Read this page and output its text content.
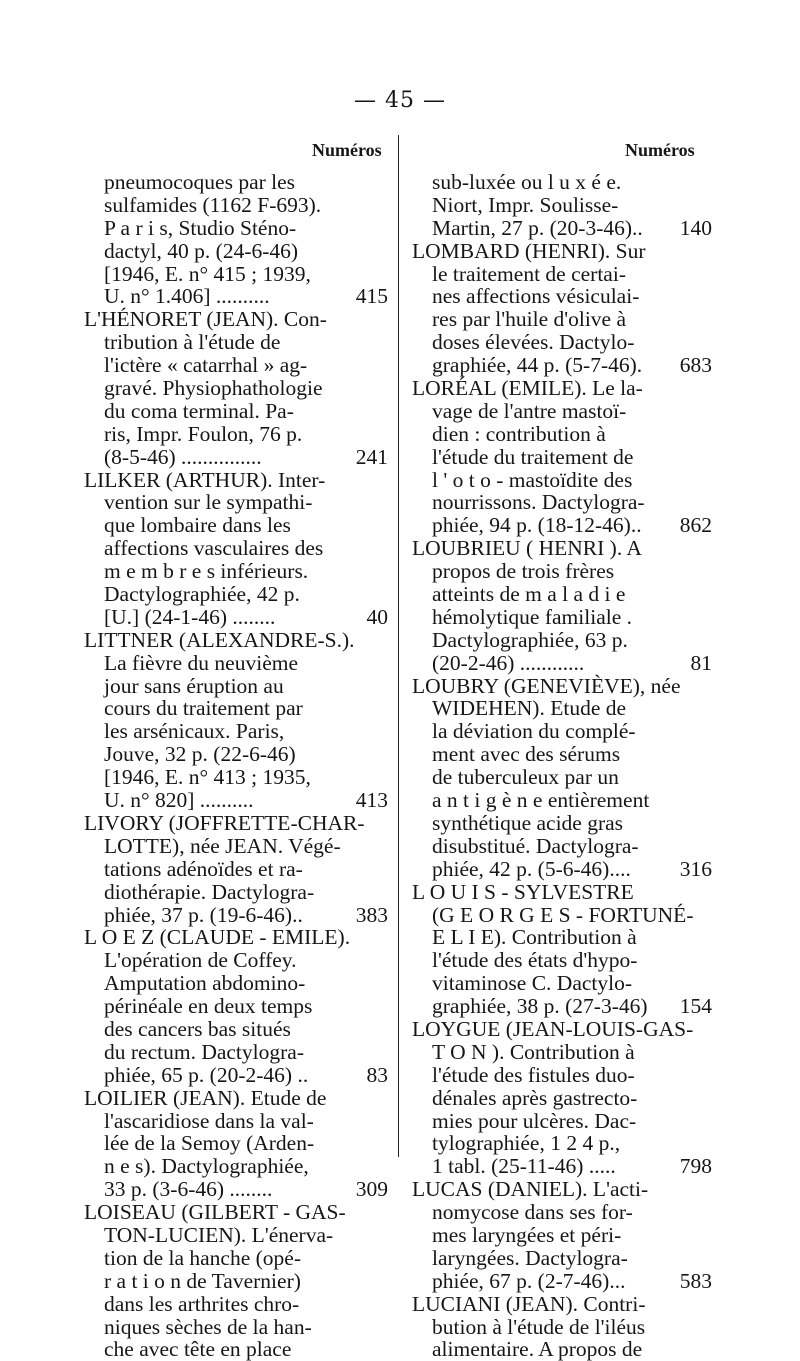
— 45 —
Numéros	Numéros
pneumocoques par les
sulfamides (1162 F-693).
P a r i s, Studio Sténo-
dactyl, 40 p. (24-6-46)
[1946, E. n° 415 ; 1939,
U. n° 1.406] ..........	415
L'HÉNORET (JEAN). Con-
tribution à l'étude de
l'ictère « catarrhal » ag-
gravé. Physiophathologie
du coma terminal. Pa-
ris, Impr. Foulon, 76 p.
(8-5-46) ...............	241
LILKER (ARTHUR). Inter-
vention sur le sympathi-
que lombaire dans les
affections vasculaires des
m e m b r e s inférieurs.
Dactylographiée, 42 p.
[U.] (24-1-46) ........	40
LITTNER (ALEXANDRE-S.).
La fièvre du neuvième
jour sans éruption au
cours du traitement par
les arsénicaux. Paris,
Jouve, 32 p. (22-6-46)
[1946, E. n° 413 ; 1935,
U. n° 820] ..........	413
LIVORY (JOFFRETTE-CHAR-
LOTTE), née JEAN. Végé-
tations adénoïdes et ra-
diothérapie. Dactylogra-
phiée, 37 p. (19-6-46).. 383
L O E Z (CLAUDE - EMILE).
L'opération de Coffey.
Amputation abdomino-
périnéale en deux temps
des cancers bas situés
du rectum. Dactylogra-
phiée, 65 p. (20-2-46) ..	83
LOILIER (JEAN). Etude de
l'ascaridiose dans la val-
lée de la Semoy (Arden-
n e s). Dactylographiée,
33 p. (3-6-46) ........	309
LOISEAU (GILBERT - GAS-
TON-LUCIEN). L'énerva-
tion de la hanche (opé-
r a t i o n de Tavernier)
dans les arthrites chro-
niques sèches de la han-
che avec tête en place
sub-luxée ou l u x é e.
Niort, Impr. Soulisse-
Martin, 27 p. (20-3-46).. 140
LOMBARD (HENRI). Sur
le traitement de certai-
nes affections vésiculai-
res par l'huile d'olive à
doses élevées. Dactylo-
graphiée, 44 p. (5-7-46). 683
LORÉAL (EMILE). Le la-
vage de l'antre mastoï-
dien : contribution à
l'étude du traitement de
l ' o t o - mastoïdite des
nourrissons. Dactylogra-
phiée, 94 p. (18-12-46).. 862
LOUBRIEU ( HENRI ). A
propos de trois frères
atteints de m a l a d i e
hémolytique familiale .
Dactylographiée, 63 p.
(20-2-46) ............	81
LOUBRY (GENEVIÈVE), née
WIDEHEN). Etude de
la déviation du complé-
ment avec des sérums
de tuberculeux par un
a n t i g è n e entièrement
synthétique acide gras
disubstitué. Dactylogra-
phiée, 42 p. (5-6-46).... 316
L O U I S - SYLVESTRE
(G E O R G E S - FORTUNÉ-
E L I E). Contribution à
l'étude des états d'hypo-
vitaminose C. Dactylo-
graphiée, 38 p. (27-3-46) 154
LOYGUE (JEAN-LOUIS-GAS-
T O N ). Contribution à
l'étude des fistules duo-
dénales après gastrecto-
mies pour ulcères. Dac-
tylographiée, 1 2 4 p.,
1 tabl. (25-11-46) .....	798
LUCAS (DANIEL). L'acti-
nomycose dans ses for-
mes laryngées et péri-
laryngées. Dactylogra-
phiée, 67 p. (2-7-46)...	583
LUCIANI (JEAN). Contri-
bution à l'étude de l'iléus
alimentaire. A propos de
